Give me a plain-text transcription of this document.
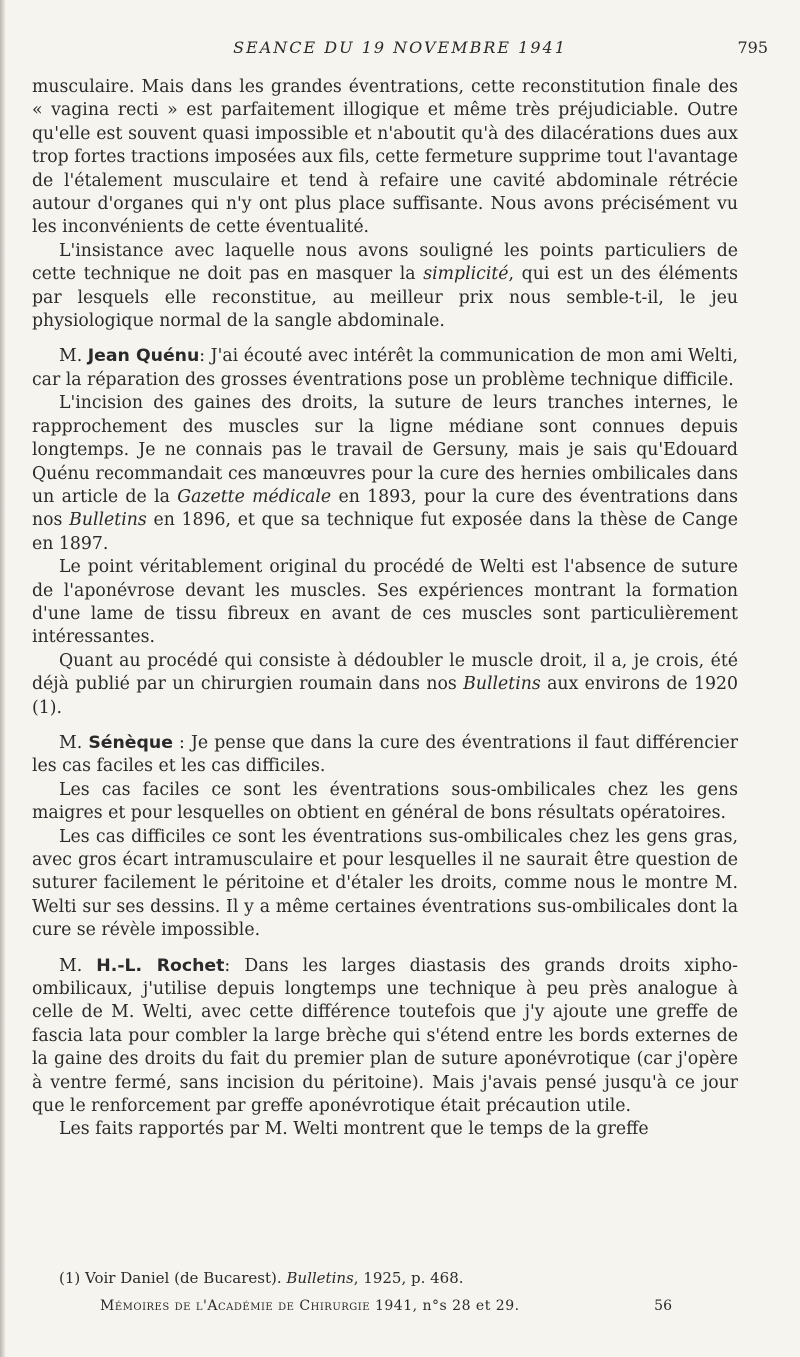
SEANCE DU 19 NOVEMBRE 1941	795

musculaire. Mais dans les grandes éventrations, cette reconstitution finale des « vagina recti » est parfaitement illogique et même très préjudiciable. Outre qu'elle est souvent quasi impossible et n'aboutit qu'à des dilacérations dues aux trop fortes tractions imposées aux fils, cette fermeture supprime tout l'avantage de l'étalement musculaire et tend à refaire une cavité abdominale rétrécie autour d'organes qui n'y ont plus place suffisante. Nous avons précisément vu les inconvénients de cette éventualité.

L'insistance avec laquelle nous avons souligné les points particuliers de cette technique ne doit pas en masquer la simplicité, qui est un des éléments par lesquels elle reconstitue, au meilleur prix nous semble-t-il, le jeu physiologique normal de la sangle abdominale.

M. Jean Quénu: J'ai écouté avec intérêt la communication de mon ami Welti, car la réparation des grosses éventrations pose un problème technique difficile.

L'incision des gaines des droits, la suture de leurs tranches internes, le rapprochement des muscles sur la ligne médiane sont connues depuis longtemps. Je ne connais pas le travail de Gersuny, mais je sais qu'Edouard Quénu recommandait ces manœuvres pour la cure des hernies ombilicales dans un article de la Gazette médicale en 1893, pour la cure des éventrations dans nos Bulletins en 1896, et que sa technique fut exposée dans la thèse de Cange en 1897.

Le point véritablement original du procédé de Welti est l'absence de suture de l'aponévrose devant les muscles. Ses expériences montrant la formation d'une lame de tissu fibreux en avant de ces muscles sont particulièrement intéressantes.

Quant au procédé qui consiste à dédoubler le muscle droit, il a, je crois, été déjà publié par un chirurgien roumain dans nos Bulletins aux environs de 1920 (1).

M. Sénèque : Je pense que dans la cure des éventrations il faut différencier les cas faciles et les cas difficiles.

Les cas faciles ce sont les éventrations sous-ombilicales chez les gens maigres et pour lesquelles on obtient en général de bons résultats opératoires.

Les cas difficiles ce sont les éventrations sus-ombilicales chez les gens gras, avec gros écart intramusculaire et pour lesquelles il ne saurait être question de suturer facilement le péritoine et d'étaler les droits, comme nous le montre M. Welti sur ses dessins. Il y a même certaines éventrations sus-ombilicales dont la cure se révèle impossible.

M. H.-L. Rochet: Dans les larges diastasis des grands droits xipho-ombilicaux, j'utilise depuis longtemps une technique à peu près analogue à celle de M. Welti, avec cette différence toutefois que j'y ajoute une greffe de fascia lata pour combler la large brèche qui s'étend entre les bords externes de la gaine des droits du fait du premier plan de suture aponévrotique (car j'opère à ventre fermé, sans incision du péritoine). Mais j'avais pensé jusqu'à ce jour que le renforcement par greffe aponévrotique était précaution utile.

Les faits rapportés par M. Welti montrent que le temps de la greffe

(1) Voir Daniel (de Bucarest). Bulletins, 1925, p. 468.
Mémoires de l'Académie de Chirurgie 1941, n°s 28 et 29.	56
